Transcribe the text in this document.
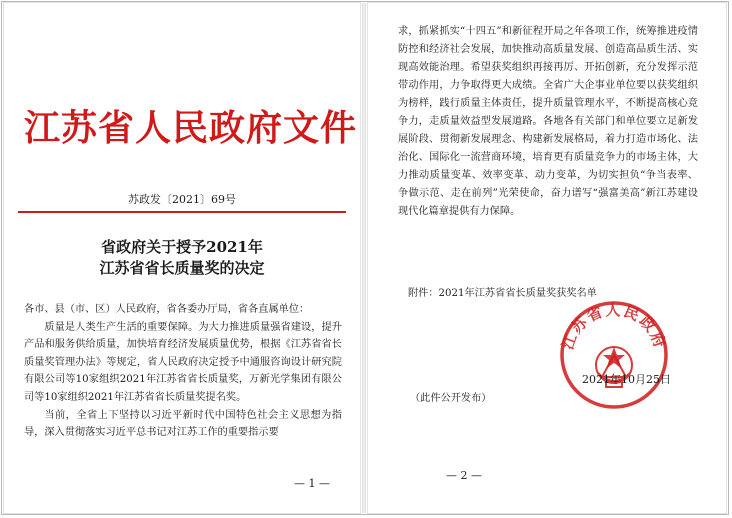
江苏省人民政府文件
苏政发〔2021〕69号
省政府关于授予2021年
江苏省省长质量奖的决定

各市、县（市、区）人民政府，省各委办厅局，省各直属单位：

质量是人类生产生活的重要保障。为大力推进质量强省建设，提升产品和服务供给质量，加快培育经济发展质量优势，根据《江苏省省长质量奖管理办法》等规定，省人民政府决定授予中通服咨询设计研究院有限公司等10家组织2021年江苏省省长质量奖，万新光学集团有限公司等10家组织2021年江苏省省长质量奖提名奖。

当前，全省上下坚持以习近平新时代中国特色社会主义思想为指导，深入贯彻落实习近平总书记对江苏工作的重要指示要

— 1 —

求，抓紧抓实“十四五”和新征程开局之年各项工作，统筹推进疫情防控和经济社会发展，加快推动高质量发展、创造高品质生活、实现高效能治理。希望获奖组织再接再厉、开拓创新，充分发挥示范带动作用，力争取得更大成绩。全省广大企事业单位要以获奖组织为榜样，践行质量主体责任，提升质量管理水平，不断提高核心竞争力，走质量效益型发展道路。各地各有关部门和单位要立足新发展阶段、贯彻新发展理念、构建新发展格局，着力打造市场化、法治化、国际化一流营商环境，培育更有质量竞争力的市场主体，大力推动质量变革、效率变革、动力变革，为切实担负“争当表率、争做示范、走在前列”光荣使命，奋力谱写“强富美高”新江苏建设现代化篇章提供有力保障。

附件：2021年江苏省省长质量奖获奖名单
江苏省人民政府
2021年10月25日
（此件公开发布）
— 2 —
